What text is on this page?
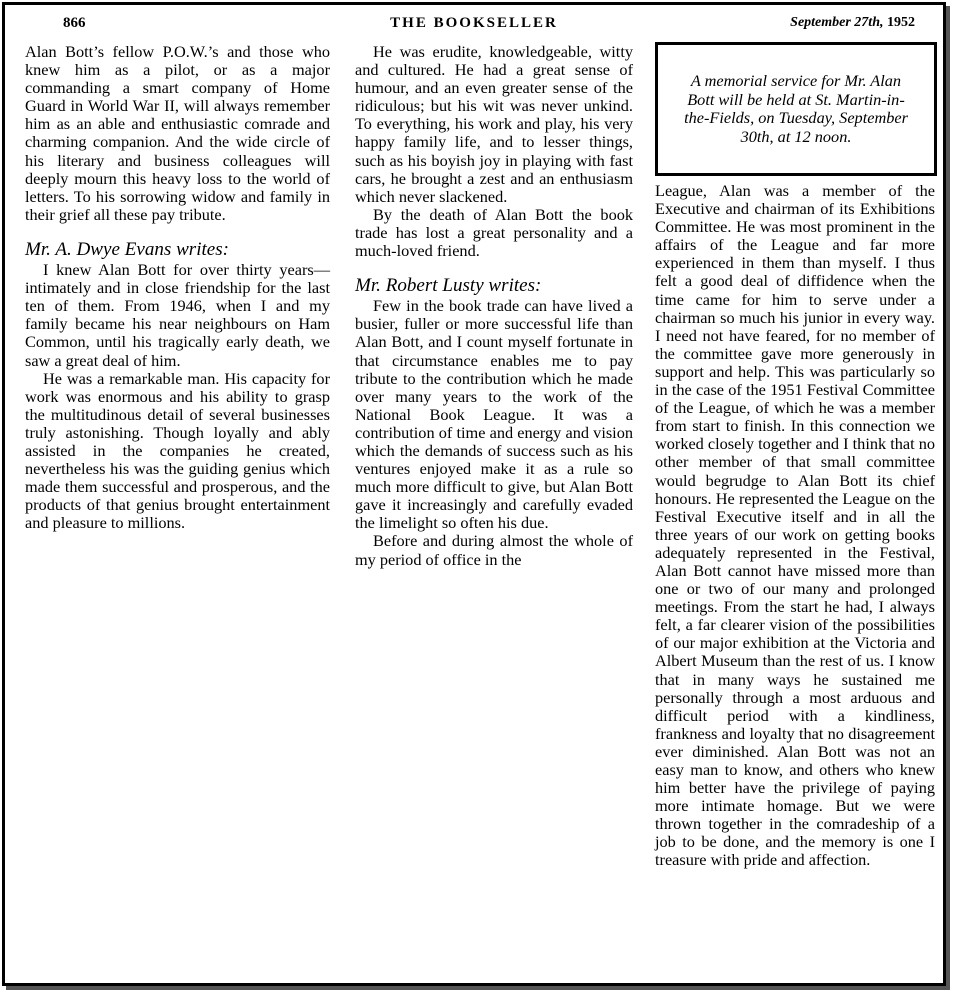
866	THE BOOKSELLER	September 27th, 1952

Alan Bott’s fellow P.O.W.’s and those who knew him as a pilot, or as a major commanding a smart company of Home Guard in World War II, will always remember him as an able and enthusiastic comrade and charming companion. And the wide circle of his literary and business colleagues will deeply mourn this heavy loss to the world of letters. To his sorrowing widow and family in their grief all these pay tribute.

Mr. A. Dwye Evans writes:

I knew Alan Bott for over thirty years—intimately and in close friendship for the last ten of them. From 1946, when I and my family became his near neighbours on Ham Common, until his tragically early death, we saw a great deal of him.

He was a remarkable man. His capacity for work was enormous and his ability to grasp the multitudinous detail of several businesses truly astonishing. Though loyally and ably assisted in the companies he created, nevertheless his was the guiding genius which made them successful and prosperous, and the products of that genius brought entertainment and pleasure to millions.

He was erudite, knowledgeable, witty and cultured. He had a great sense of humour, and an even greater sense of the ridiculous; but his wit was never unkind. To everything, his work and play, his very happy family life, and to lesser things, such as his boyish joy in playing with fast cars, he brought a zest and an enthusiasm which never slackened.

By the death of Alan Bott the book trade has lost a great personality and a much-loved friend.

Mr. Robert Lusty writes:

Few in the book trade can have lived a busier, fuller or more successful life than Alan Bott, and I count myself fortunate in that circumstance enables me to pay tribute to the contribution which he made over many years to the work of the National Book League. It was a contribution of time and energy and vision which the demands of success such as his ventures enjoyed make it as a rule so much more difficult to give, but Alan Bott gave it increasingly and carefully evaded the limelight so often his due.

Before and during almost the whole of my period of office in the

A memorial service for Mr. Alan Bott will be held at St. Martin-in-the-Fields, on Tuesday, September 30th, at 12 noon.

League, Alan was a member of the Executive and chairman of its Exhibitions Committee. He was most prominent in the affairs of the League and far more experienced in them than myself. I thus felt a good deal of diffidence when the time came for him to serve under a chairman so much his junior in every way. I need not have feared, for no member of the committee gave more generously in support and help. This was particularly so in the case of the 1951 Festival Committee of the League, of which he was a member from start to finish. In this connection we worked closely together and I think that no other member of that small committee would begrudge to Alan Bott its chief honours. He represented the League on the Festival Executive itself and in all the three years of our work on getting books adequately represented in the Festival, Alan Bott cannot have missed more than one or two of our many and prolonged meetings. From the start he had, I always felt, a far clearer vision of the possibilities of our major exhibition at the Victoria and Albert Museum than the rest of us. I know that in many ways he sustained me personally through a most arduous and difficult period with a kindliness, frankness and loyalty that no disagreement ever diminished. Alan Bott was not an easy man to know, and others who knew him better have the privilege of paying more intimate homage. But we were thrown together in the comradeship of a job to be done, and the memory is one I treasure with pride and affection.
